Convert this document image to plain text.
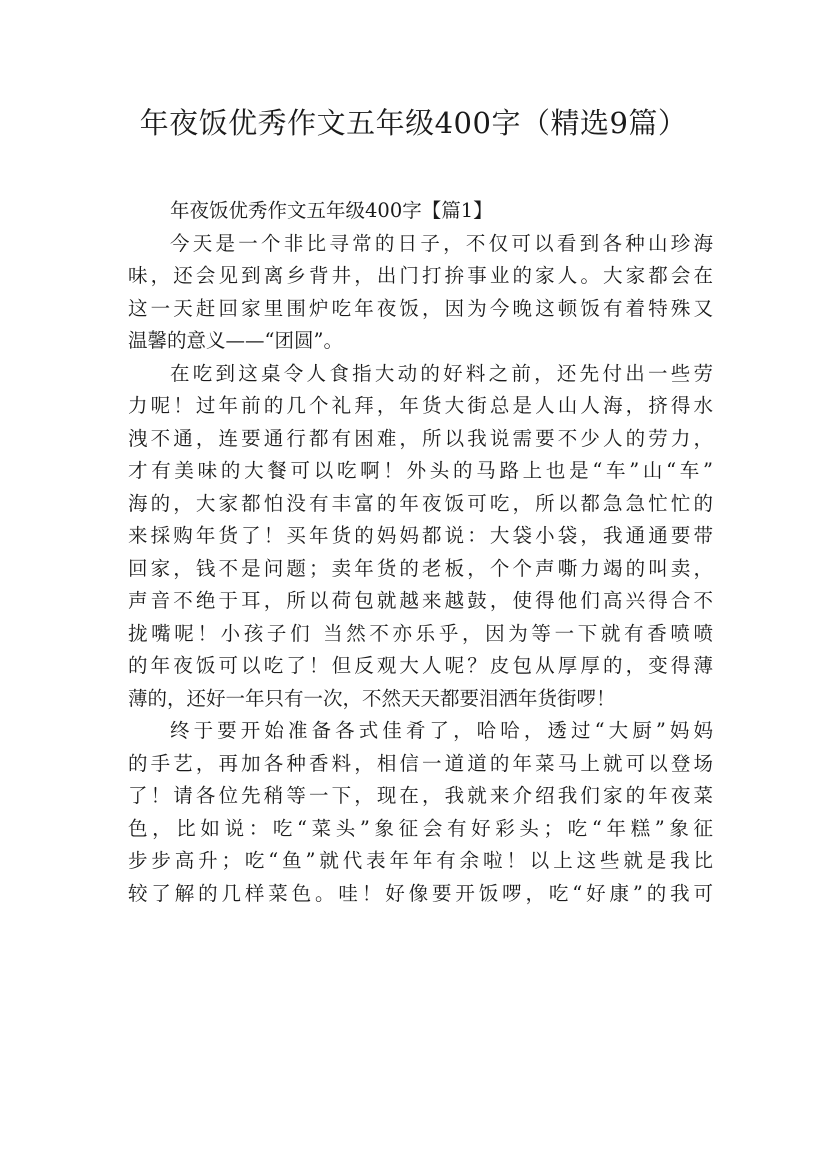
年夜饭优秀作文五年级400字（精选9篇）
年夜饭优秀作文五年级400字【篇1】
今天是一个非比寻常的日子，不仅可以看到各种山珍海
味，还会见到离乡背井，出门打拚事业的家人。大家都会在
这一天赶回家里围炉吃年夜饭，因为今晚这顿饭有着特殊又
温馨的意义——“团圆”。
在吃到这桌令人食指大动的好料之前，还先付出一些劳
力呢！过年前的几个礼拜，年货大街总是人山人海，挤得水
洩不通，连要通行都有困难，所以我说需要不少人的劳力，
才有美味的大餐可以吃啊！外头的马路上也是“车”山“车”
海的，大家都怕没有丰富的年夜饭可吃，所以都急急忙忙的
来採购年货了！买年货的妈妈都说：大袋小袋，我通通要带
回家，钱不是问题；卖年货的老板，个个声嘶力竭的叫卖，
声音不绝于耳，所以荷包就越来越鼓，使得他们高兴得合不
拢嘴呢！小孩子们 当然不亦乐乎，因为等一下就有香喷喷
的年夜饭可以吃了！但反观大人呢？皮包从厚厚的，变得薄
薄的，还好一年只有一次，不然天天都要泪洒年货街啰！
终于要开始准备各式佳肴了，哈哈，透过“大厨”妈妈
的手艺，再加各种香料，相信一道道的年菜马上就可以登场
了！请各位先稍等一下，现在，我就来介绍我们家的年夜菜
色，比如说：吃“菜头”象征会有好彩头；吃“年糕”象征
步步高升；吃“鱼”就代表年年有余啦！以上这些就是我比
较了解的几样菜色。哇！好像要开饭啰，吃“好康”的我可
